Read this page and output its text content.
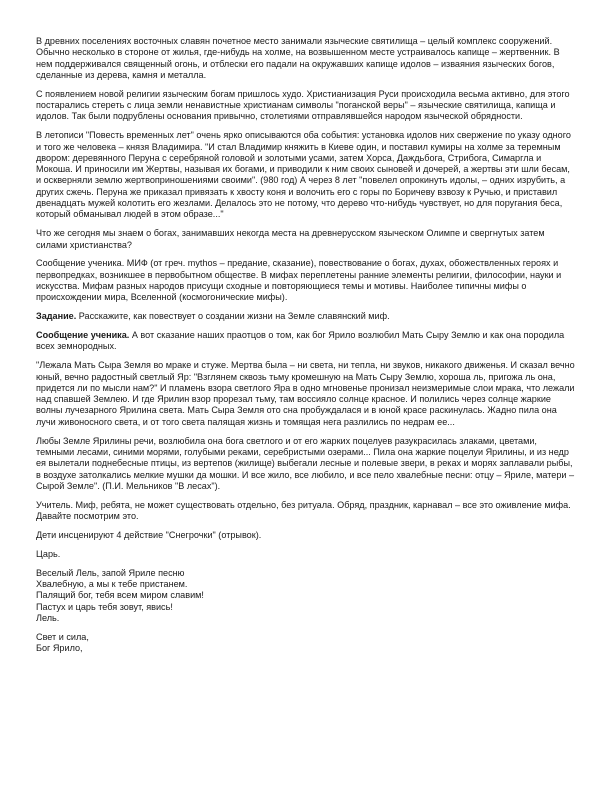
В древних поселениях восточных славян почетное место занимали языческие святилища – целый комплекс сооружений. Обычно несколько в стороне от жилья, где-нибудь на холме, на возвышенном месте устраивалось капище – жертвенник. В нем поддерживался священный огонь, и отблески его падали на окружавших капище идолов – изваяния языческих богов, сделанные из дерева, камня и металла.

С появлением новой религии языческим богам пришлось худо. Христианизация Руси происходила весьма активно, для этого постарались стереть с лица земли ненавистные христианам символы "поганской веры" – языческие святилища, капища и идолов. Так были подрублены основания привычно, столетиями отправлявшейся народом языческой обрядности.

В летописи "Повесть временных лет" очень ярко описываются оба события: установка идолов них свержение по указу одного и того же человека – князя Владимира. "И стал Владимир княжить в Киеве один, и поставил кумиры на холме за теремным двором: деревянного Перуна с серебряной головой и золотыми усами, затем Хорса, Даждьбога, Стрибога, Симаргла и Мокоша. И приносили им Жертвы, называя их богами, и приводили к ним своих сыновей и дочерей, а жертвы эти шли бесам, и оскверняли землю жертвоприношениями своими". (980 год) А через 8 лет "повелел опрокинуть идолы, – одних изрубить, а других сжечь. Перуна же приказал привязать к хвосту коня и волочить его с горы по Боричеву взвозу к Ручью, и приставил двенадцать мужей колотить его жезлами. Делалось это не потому, что дерево что-нибудь чувствует, но для поругания беса, который обманывал людей в этом образе..."

Что же сегодня мы знаем о богах, занимавших некогда места на древнерусском языческом Олимпе и свергнутых затем силами христианства?

Сообщение ученика. МИФ (от греч. mythos – предание, сказание), повествование о богах, духах, обожествленных героях и первопредках, возникшее в первобытном обществе. В мифах переплетены ранние элементы религии, философии, науки и искусства. Мифам разных народов присущи сходные и повторяющиеся темы и мотивы. Наиболее типичны мифы о происхождении мира, Вселенной (космогонические мифы).

Задание. Расскажите, как повествует о создании жизни на Земле славянский миф.

Сообщение ученика. А вот сказание наших праотцов о том, как бог Ярило возлюбил Мать Сыру Землю и как она породила всех земнородных.

"Лежала Мать Сыра Земля во мраке и стуже. Мертва была – ни света, ни тепла, ни звуков, никакого движенья. И сказал вечно юный, вечно радостный светлый Яр: "Взглянем сквозь тьму кромешную на Мать Сыру Землю, хороша ль, пригожа ль она, придется ли по мысли нам?" И пламень взора светлого Яра в одно мгновенье пронизал неизмеримые слои мрака, что лежали над спавшей Землею. И где Ярилин взор прорезал тьму, там воссияло солнце красное. И полились через солнце жаркие волны лучезарного Ярилина света. Мать Сыра Земля ото сна пробуждалася и в юной красе раскинулась. Жадно пила она лучи живоносного света, и от того света палящая жизнь и томящая нега разлились по недрам ее...

Любы Земле Ярилины речи, возлюбила она бога светлого и от его жарких поцелуев разукрасилась злаками, цветами, темными лесами, синими морями, голубыми реками, серебристыми озерами... Пила она жаркие поцелуи Ярилины, и из недр ея вылетали поднебесные птицы, из вертепов (жилище) выбегали лесные и полевые звери, в реках и морях заплавали рыбы, в воздухе затолкались мелкие мушки да мошки. И все жило, все любило, и все пело хвалебные песни: отцу – Яриле, матери – Сырой Земле". (П.И. Мельников "В лесах").

Учитель. Миф, ребята, не может существовать отдельно, без ритуала. Обряд, праздник, карнавал – все это оживление мифа. Давайте посмотрим это.

Дети инсценируют 4 действие "Снегрочки" (отрывок).

Царь.

Веселый Лель, запой Яриле песню

Хвалебную, а мы к тебе пристанем.

Палящий бог, тебя всем миром славим!

Пастух и царь тебя зовут, явись!

Лель.

Свет и сила,

Бог Ярило,
